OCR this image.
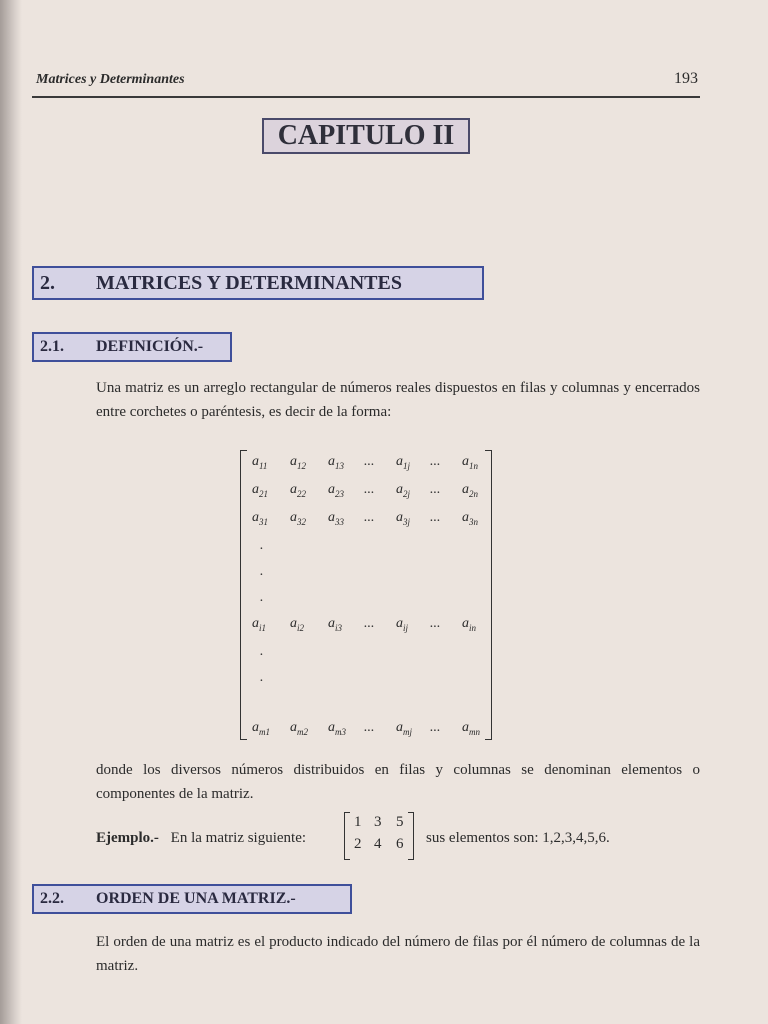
Matrices y Determinantes	193
CAPITULO II
2. MATRICES Y DETERMINANTES
2.1. DEFINICIÓN.-
Una matriz es un arreglo rectangular de números reales dispuestos en filas y columnas y encerrados entre corchetes o paréntesis, es decir de la forma:
$a_{11}$ $a_{12}$ $a_{13}$ ... $a_{1j}$ ... $a_{1n}$
$a_{21}$ $a_{22}$ $a_{23}$ ... $a_{2j}$ ... $a_{2n}$
$a_{31}$ $a_{32}$ $a_{33}$ ... $a_{3j}$ ... $a_{3n}$
.
.
.
$a_{i1}$ $a_{i2}$ $a_{i3}$ ... $a_{ij}$ ... $a_{in}$
.
.
$a_{m1}$ $a_{m2}$ $a_{m3}$ ... $a_{mj}$ ... $a_{mn}$
donde los diversos números distribuidos en filas y columnas se denominan elementos o componentes de la matriz.
Ejemplo.- En la matriz siguiente:
1 3 5
2 4 6 sus elementos son: 1,2,3,4,5,6.
2.2. ORDEN DE UNA MATRIZ.-
El orden de una matriz es el producto indicado del número de filas por él número de columnas de la matriz.
